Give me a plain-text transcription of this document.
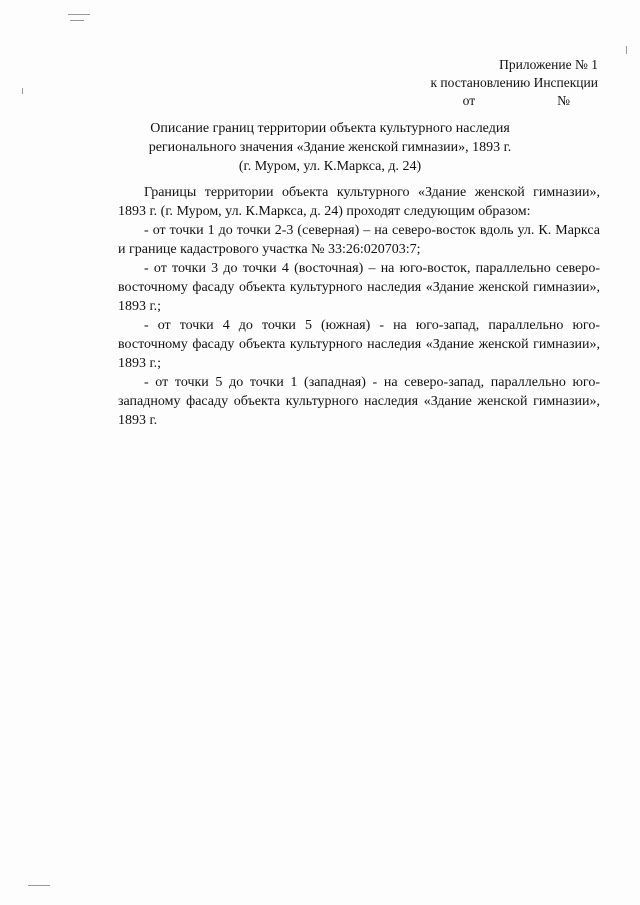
Приложение № 1
к постановлению Инспекции
от	№
Описание границ территории объекта культурного наследия
регионального значения «Здание женской гимназии», 1893 г.
(г. Муром, ул. К.Маркса, д. 24)

Границы территории объекта культурного «Здание женской гимназии», 1893 г. (г. Муром, ул. К.Маркса, д. 24) проходят следующим образом:

- от точки 1 до точки 2-3 (северная) – на северо-восток вдоль ул. К. Маркса и границе кадастрового участка № 33:26:020703:7;

- от точки 3 до точки 4 (восточная) – на юго-восток, параллельно северо-восточному фасаду объекта культурного наследия «Здание женской гимназии», 1893 г.;

- от точки 4 до точки 5 (южная) - на юго-запад, параллельно юго-восточному фасаду объекта культурного наследия «Здание женской гимназии», 1893 г.;

- от точки 5 до точки 1 (западная) - на северо-запад, параллельно юго-западному фасаду объекта культурного наследия «Здание женской гимназии», 1893 г.
